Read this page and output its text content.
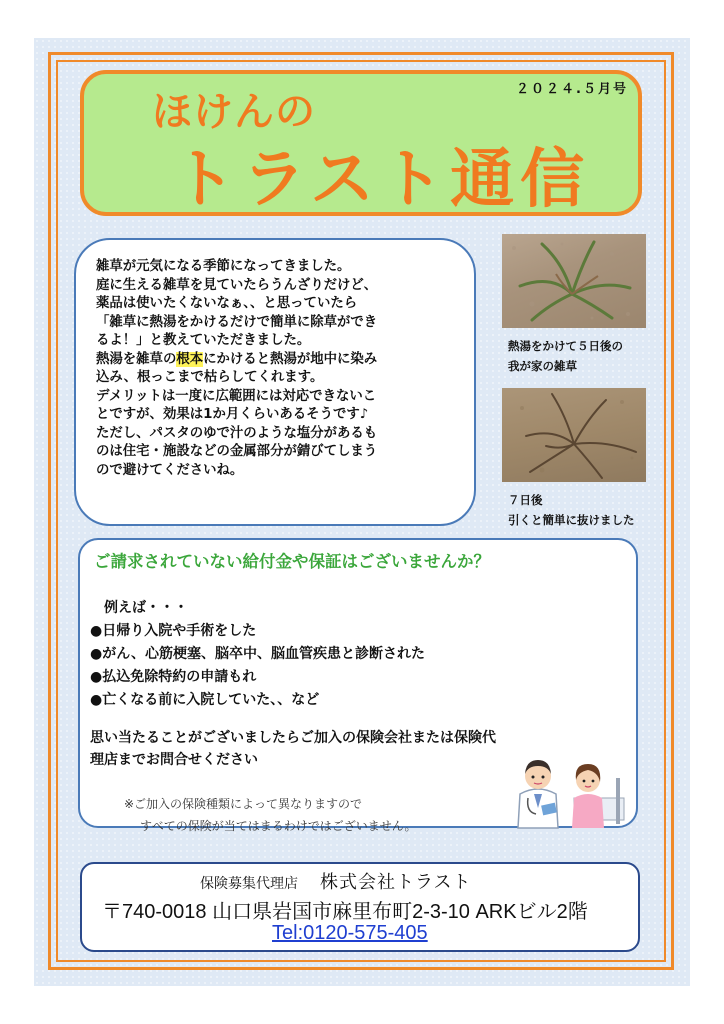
ほけんの
トラスト通信
２０２４.５月号

雑草が元気になる季節になってきました。

庭に生える雑草を見ていたらうんざりだけど、

薬品は使いたくないなぁ、、と思っていたら

「雑草に熱湯をかけるだけで簡単に除草ができ

るよ！」と教えていただきました。

熱湯を雑草の根本にかけると熱湯が地中に染み

込み、根っこまで枯らしてくれます。

デメリットは一度に広範囲には対応できないこ

とですが、効果は1か月くらいあるそうです♪

ただし、パスタのゆで汁のような塩分があるも

のは住宅・施設などの金属部分が錆びてしまう

ので避けてくださいね。

熱湯をかけて５日後の
我が家の雑草
７日後
引くと簡単に抜けました
ご請求されていない給付金や保証はございませんか？

例えば・・・

●日帰り入院や手術をした

●がん、心筋梗塞、脳卒中、脳血管疾患と診断された

●払込免除特約の申請もれ

●亡くなる前に入院していた、、など

思い当たることがございましたらご加入の保険会社または保険代

理店までお問合せください

※ご加入の保険種類によって異なりますので

すべての保険が当てはまるわけではございません。

保険募集代理店 株式会社トラスト
〒740-0018 山口県岩国市麻里布町2-3-10 ARKビル2階
Tel:0120-575-405
